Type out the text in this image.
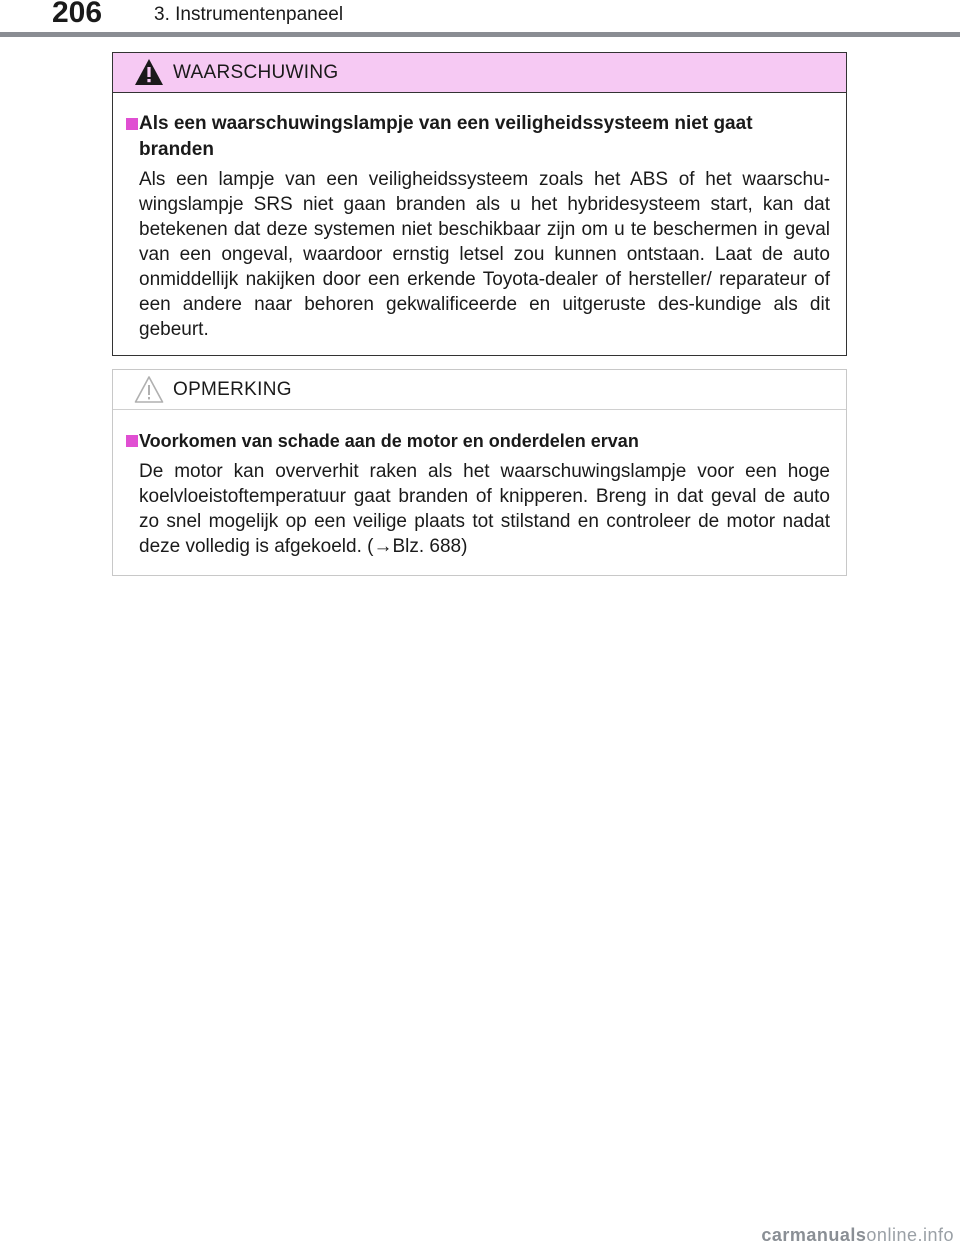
206	3. Instrumentenpaneel
WAARSCHUWING
Als een waarschuwingslampje van een veiligheidssysteem niet gaat branden
Als een lampje van een veiligheidssysteem zoals het ABS of het waarschu-wingslampje SRS niet gaan branden als u het hybridesysteem start, kan dat betekenen dat deze systemen niet beschikbaar zijn om u te beschermen in geval van een ongeval, waardoor ernstig letsel zou kunnen ontstaan. Laat de auto onmiddellijk nakijken door een erkende Toyota-dealer of hersteller/ reparateur of een andere naar behoren gekwalificeerde en uitgeruste des-kundige als dit gebeurt.
OPMERKING
Voorkomen van schade aan de motor en onderdelen ervan
De motor kan oververhit raken als het waarschuwingslampje voor een hoge koelvloeistoftemperatuur gaat branden of knipperen. Breng in dat geval de auto zo snel mogelijk op een veilige plaats tot stilstand en controleer de motor nadat deze volledig is afgekoeld. (→Blz. 688)
carmanualsonline.info
